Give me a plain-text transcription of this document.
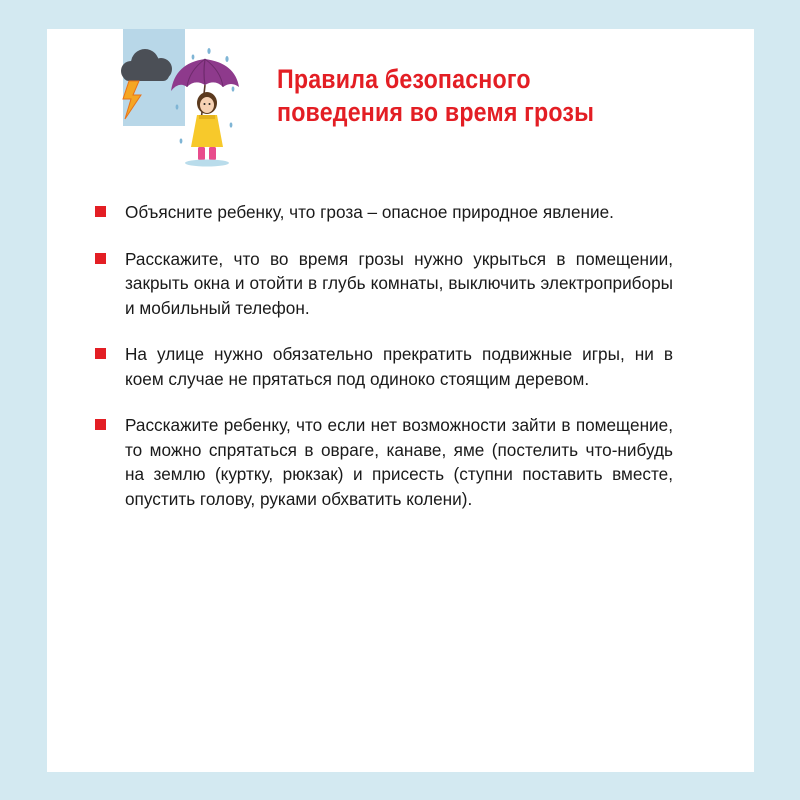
Правила безопасного
поведения во время грозы
Объясните ребенку, что гроза – опасное природное явление.
Расскажите, что во время грозы нужно укрыться в помещении, закрыть окна и отойти в глубь комнаты, выключить электроприборы и мобильный телефон.
На улице нужно обязательно прекратить подвижные игры, ни в коем случае не прятаться под одиноко стоящим деревом.
Расскажите ребенку, что если нет возможности зайти в помещение, то можно спрятаться в овраге, канаве, яме (постелить что-нибудь на землю (куртку, рюкзак) и присесть (ступни поставить вместе, опустить голову, руками обхватить колени).
